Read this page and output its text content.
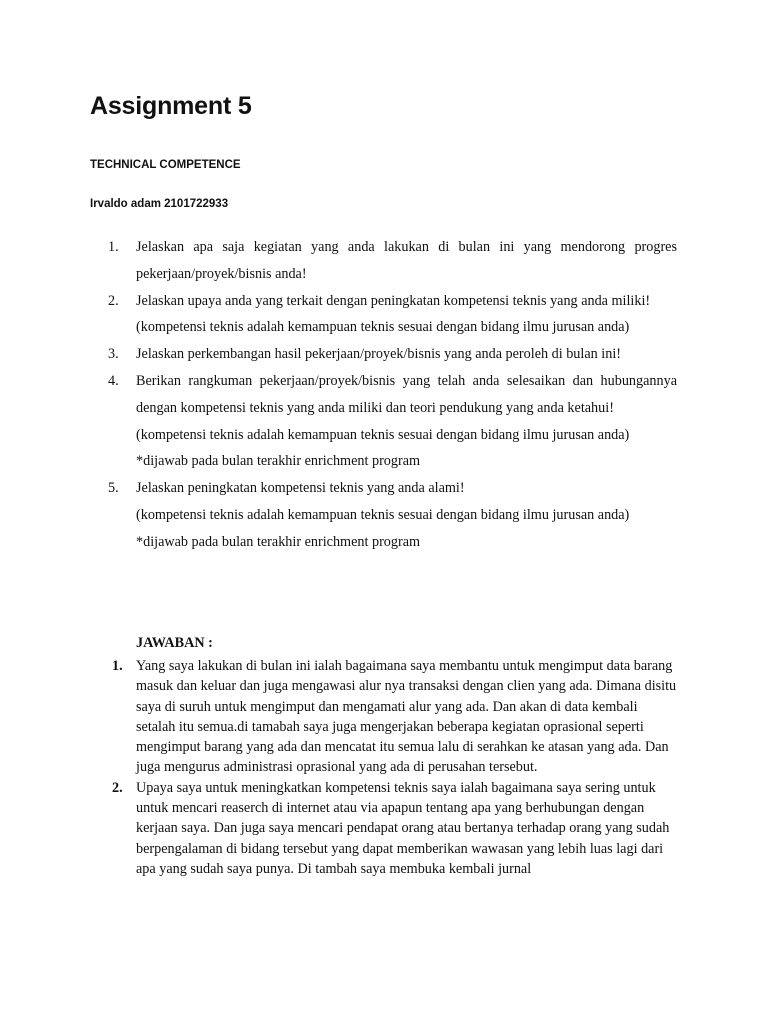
Assignment 5

TECHNICAL COMPETENCE

Irvaldo adam 2101722933

1. Jelaskan apa saja kegiatan yang anda lakukan di bulan ini yang mendorong progres pekerjaan/proyek/bisnis anda!
2. Jelaskan upaya anda yang terkait dengan peningkatan kompetensi teknis yang anda miliki!
(kompetensi teknis adalah kemampuan teknis sesuai dengan bidang ilmu jurusan anda)
3. Jelaskan perkembangan hasil pekerjaan/proyek/bisnis yang anda peroleh di bulan ini!
4. Berikan rangkuman pekerjaan/proyek/bisnis yang telah anda selesaikan dan hubungannya dengan kompetensi teknis yang anda miliki dan teori pendukung yang anda ketahui!
(kompetensi teknis adalah kemampuan teknis sesuai dengan bidang ilmu jurusan anda)
*dijawab pada bulan terakhir enrichment program
5. Jelaskan peningkatan kompetensi teknis yang anda alami!
(kompetensi teknis adalah kemampuan teknis sesuai dengan bidang ilmu jurusan anda)
*dijawab pada bulan terakhir enrichment program

JAWABAN :

1. Yang saya lakukan di bulan ini ialah bagaimana saya membantu untuk mengimput data barang masuk dan keluar dan juga mengawasi alur nya transaksi dengan clien yang ada. Dimana disitu saya di suruh untuk mengimput dan mengamati alur yang ada. Dan akan di data kembali setalah itu semua.di tamabah saya juga mengerjakan beberapa kegiatan oprasional seperti mengimput barang yang ada dan mencatat itu semua lalu di serahkan ke atasan yang ada. Dan juga mengurus administrasi oprasional yang ada di perusahan tersebut.
2. Upaya saya untuk meningkatkan kompetensi teknis saya ialah bagaimana saya sering untuk untuk mencari reaserch di internet atau via apapun tentang apa yang berhubungan dengan kerjaan saya. Dan juga saya mencari pendapat orang atau bertanya terhadap orang yang sudah berpengalaman di bidang tersebut yang dapat memberikan wawasan yang lebih luas lagi dari apa yang sudah saya punya. Di tambah saya membuka kembali jurnal
